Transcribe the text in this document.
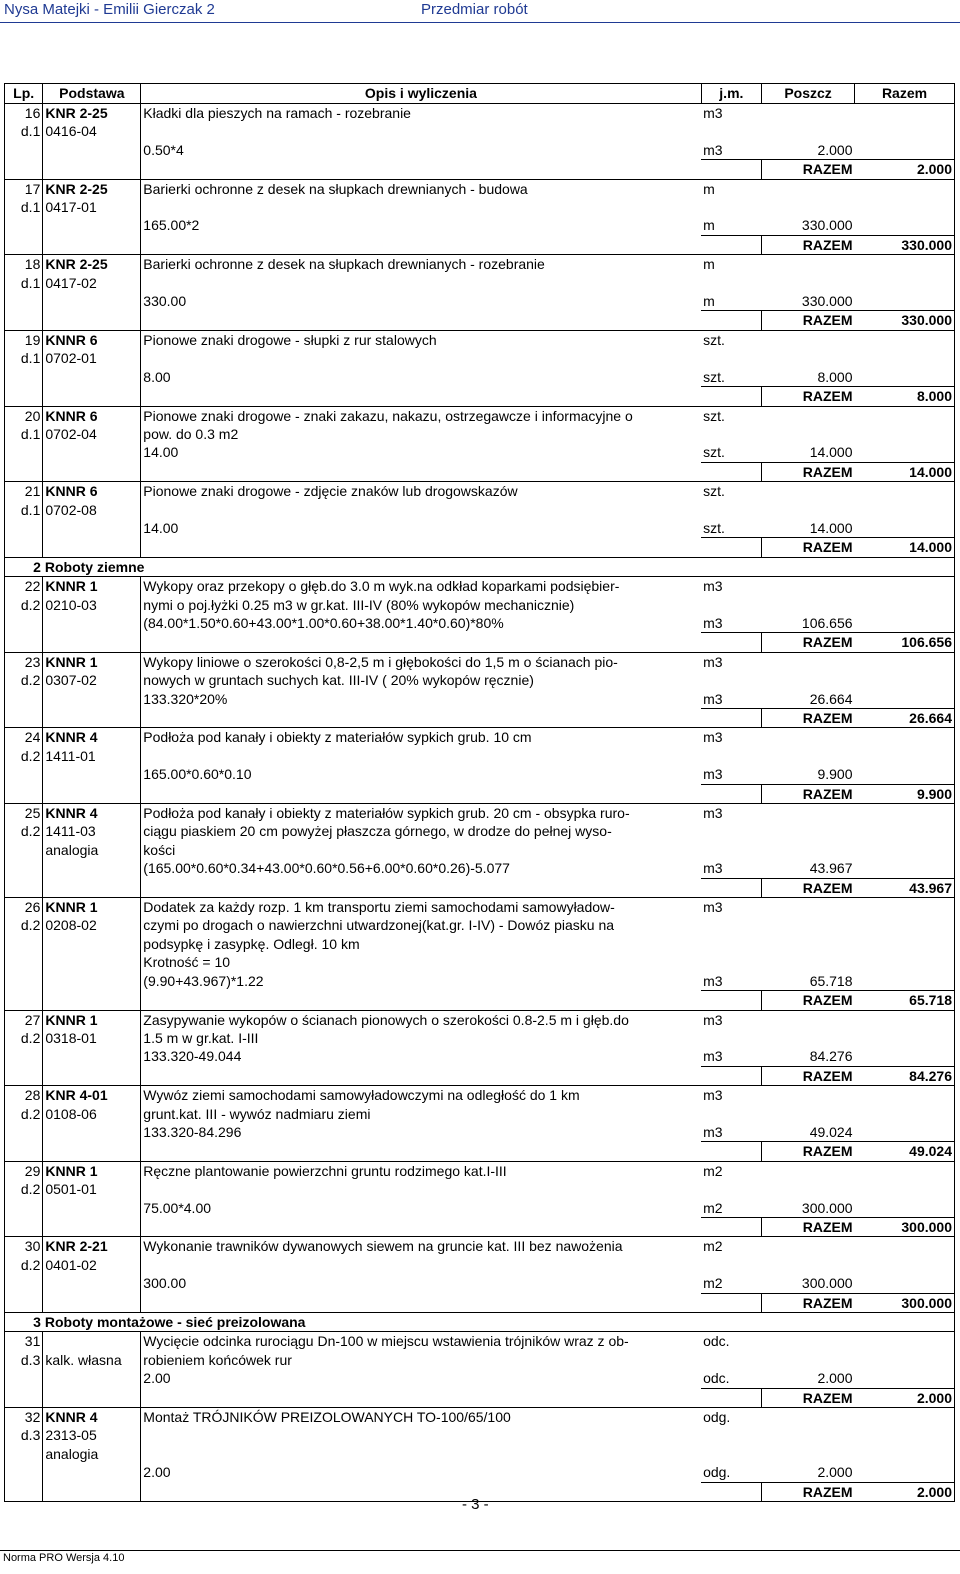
Nysa Matejki - Emilii Gierczak 2	Przedmiar robót
Lp.	Podstawa	Opis i wyliczenia	j.m.	Poszcz	Razem
16	KNR 2-25	Kładki dla pieszych na ramach - rozebranie	m3		
d.1	0416-04				
		0.50*4	m3	2.000	
				RAZEM	2.000
17	KNR 2-25	Barierki ochronne z desek na słupkach drewnianych - budowa	m		
d.1	0417-01				
		165.00*2	m	330.000	
				RAZEM	330.000
18	KNR 2-25	Barierki ochronne z desek na słupkach drewnianych - rozebranie	m		
d.1	0417-02				
		330.00	m	330.000	
				RAZEM	330.000
19	KNNR 6	Pionowe znaki drogowe - słupki z rur stalowych	szt.		
d.1	0702-01				
		8.00	szt.	8.000	
				RAZEM	8.000
20	KNNR 6	Pionowe znaki drogowe - znaki zakazu, nakazu, ostrzegawcze i informacyjne o	szt.		
d.1	0702-04	pow. do 0.3 m2			
		14.00	szt.	14.000	
				RAZEM	14.000
21	KNNR 6	Pionowe znaki drogowe - zdjęcie znaków lub drogowskazów	szt.		
d.1	0702-08				
		14.00	szt.	14.000	
				RAZEM	14.000
2	Roboty ziemne				
22	KNNR 1	Wykopy oraz przekopy o głęb.do 3.0 m wyk.na odkład koparkami podsiębier-	m3		
d.2	0210-03	nymi o poj.łyżki 0.25 m3 w gr.kat. III-IV (80% wykopów mechanicznie)			
		(84.00*1.50*0.60+43.00*1.00*0.60+38.00*1.40*0.60)*80%	m3	106.656	
				RAZEM	106.656
23	KNNR 1	Wykopy liniowe o szerokości 0,8-2,5 m i głębokości do 1,5 m o ścianach pio-	m3		
d.2	0307-02	nowych w gruntach suchych kat. III-IV ( 20% wykopów ręcznie)			
		133.320*20%	m3	26.664	
				RAZEM	26.664
24	KNNR 4	Podłoża pod kanały i obiekty z materiałów sypkich grub. 10 cm	m3		
d.2	1411-01				
		165.00*0.60*0.10	m3	9.900	
				RAZEM	9.900
25	KNNR 4	Podłoża pod kanały i obiekty z materiałów sypkich grub. 20 cm - obsypka ruro-	m3		
d.2	1411-03	ciągu piaskiem 20 cm powyżej płaszcza górnego, w drodze do pełnej wyso-			
	analogia	kości			
		(165.00*0.60*0.34+43.00*0.60*0.56+6.00*0.60*0.26)-5.077	m3	43.967	
				RAZEM	43.967
26	KNNR 1	Dodatek za każdy rozp. 1 km transportu ziemi samochodami samowyładow-	m3		
d.2	0208-02	czymi po drogach o nawierzchni utwardzonej(kat.gr. I-IV) - Dowóz piasku na			
		podsypkę i zasypkę. Odległ. 10 km			
		Krotność = 10			
		(9.90+43.967)*1.22	m3	65.718	
				RAZEM	65.718
27	KNNR 1	Zasypywanie wykopów o ścianach pionowych o szerokości 0.8-2.5 m i głęb.do	m3		
d.2	0318-01	1.5 m w gr.kat. I-III			
		133.320-49.044	m3	84.276	
				RAZEM	84.276
28	KNR 4-01	Wywóz ziemi samochodami samowyładowczymi na odległość do 1 km	m3		
d.2	0108-06	grunt.kat. III - wywóz nadmiaru ziemi			
		133.320-84.296	m3	49.024	
				RAZEM	49.024
29	KNNR 1	Ręczne plantowanie powierzchni gruntu rodzimego kat.I-III	m2		
d.2	0501-01				
		75.00*4.00	m2	300.000	
				RAZEM	300.000
30	KNR 2-21	Wykonanie trawników dywanowych siewem na gruncie kat. III bez nawożenia	m2		
d.2	0401-02				
		300.00	m2	300.000	
				RAZEM	300.000
3	Roboty montażowe - sieć preizolowana				
31		Wycięcie odcinka rurociągu Dn-100 w miejscu wstawienia trójników wraz z ob-	odc.		
d.3	kalk. własna	robieniem końcówek rur			
		2.00	odc.	2.000	
				RAZEM	2.000
32	KNNR 4	Montaż TRÓJNIKÓW PREIZOLOWANYCH TO-100/65/100	odg.		
d.3	2313-05				
	analogia				
		2.00	odg.	2.000	
				RAZEM	2.000
- 3 -
Norma PRO Wersja 4.10
